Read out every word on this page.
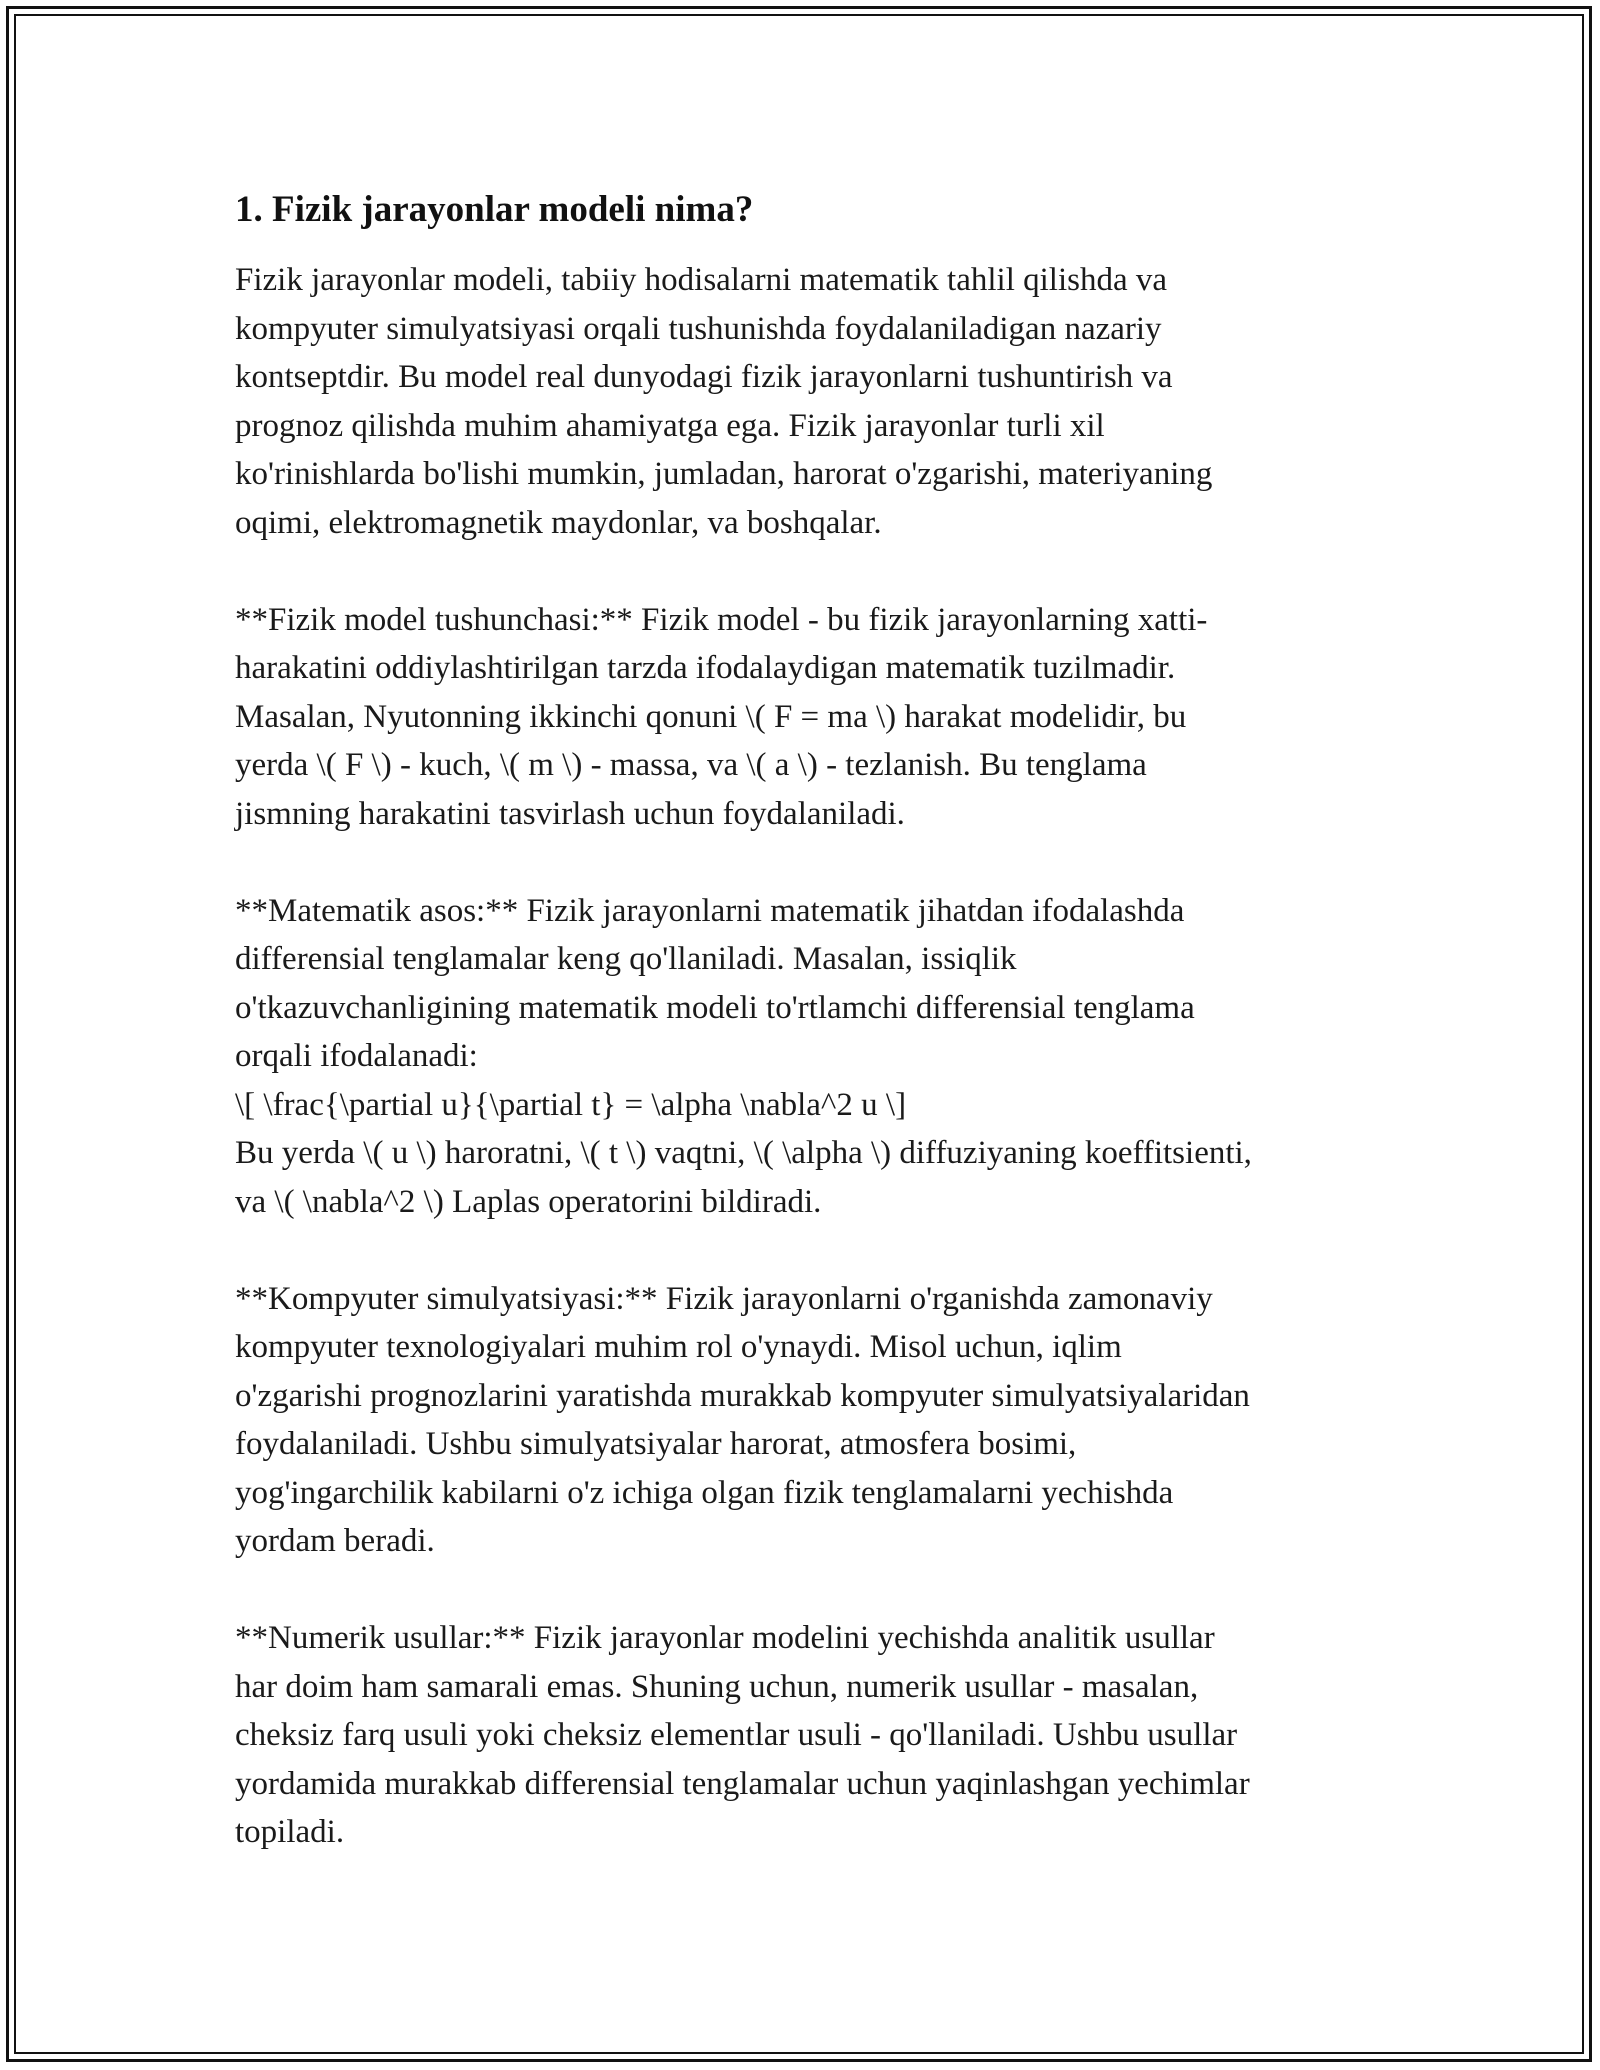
1. Fizik jarayonlar modeli nima?
Fizik jarayonlar modeli, tabiiy hodisalarni matematik tahlil qilishda va
kompyuter simulyatsiyasi orqali tushunishda foydalaniladigan nazariy
kontseptdir. Bu model real dunyodagi fizik jarayonlarni tushuntirish va
prognoz qilishda muhim ahamiyatga ega. Fizik jarayonlar turli xil
ko'rinishlarda bo'lishi mumkin, jumladan, harorat o'zgarishi, materiyaning
oqimi, elektromagnetik maydonlar, va boshqalar.
**Fizik model tushunchasi:** Fizik model - bu fizik jarayonlarning xatti-
harakatini oddiylashtirilgan tarzda ifodalaydigan matematik tuzilmadir.
Masalan, Nyutonning ikkinchi qonuni \( F = ma \) harakat modelidir, bu
yerda \( F \) - kuch, \( m \) - massa, va \( a \) - tezlanish. Bu tenglama
jismning harakatini tasvirlash uchun foydalaniladi.
**Matematik asos:** Fizik jarayonlarni matematik jihatdan ifodalashda
differensial tenglamalar keng qo'llaniladi. Masalan, issiqlik
o'tkazuvchanligining matematik modeli to'rtlamchi differensial tenglama
orqali ifodalanadi:
\[ \frac{\partial u}{\partial t} = \alpha \nabla^2 u \]
Bu yerda \( u \) haroratni, \( t \) vaqtni, \( \alpha \) diffuziyaning koeffitsienti,
va \( \nabla^2 \) Laplas operatorini bildiradi.
**Kompyuter simulyatsiyasi:** Fizik jarayonlarni o'rganishda zamonaviy
kompyuter texnologiyalari muhim rol o'ynaydi. Misol uchun, iqlim
o'zgarishi prognozlarini yaratishda murakkab kompyuter simulyatsiyalaridan
foydalaniladi. Ushbu simulyatsiyalar harorat, atmosfera bosimi,
yog'ingarchilik kabilarni o'z ichiga olgan fizik tenglamalarni yechishda
yordam beradi.
**Numerik usullar:** Fizik jarayonlar modelini yechishda analitik usullar
har doim ham samarali emas. Shuning uchun, numerik usullar - masalan,
cheksiz farq usuli yoki cheksiz elementlar usuli - qo'llaniladi. Ushbu usullar
yordamida murakkab differensial tenglamalar uchun yaqinlashgan yechimlar
topiladi.
